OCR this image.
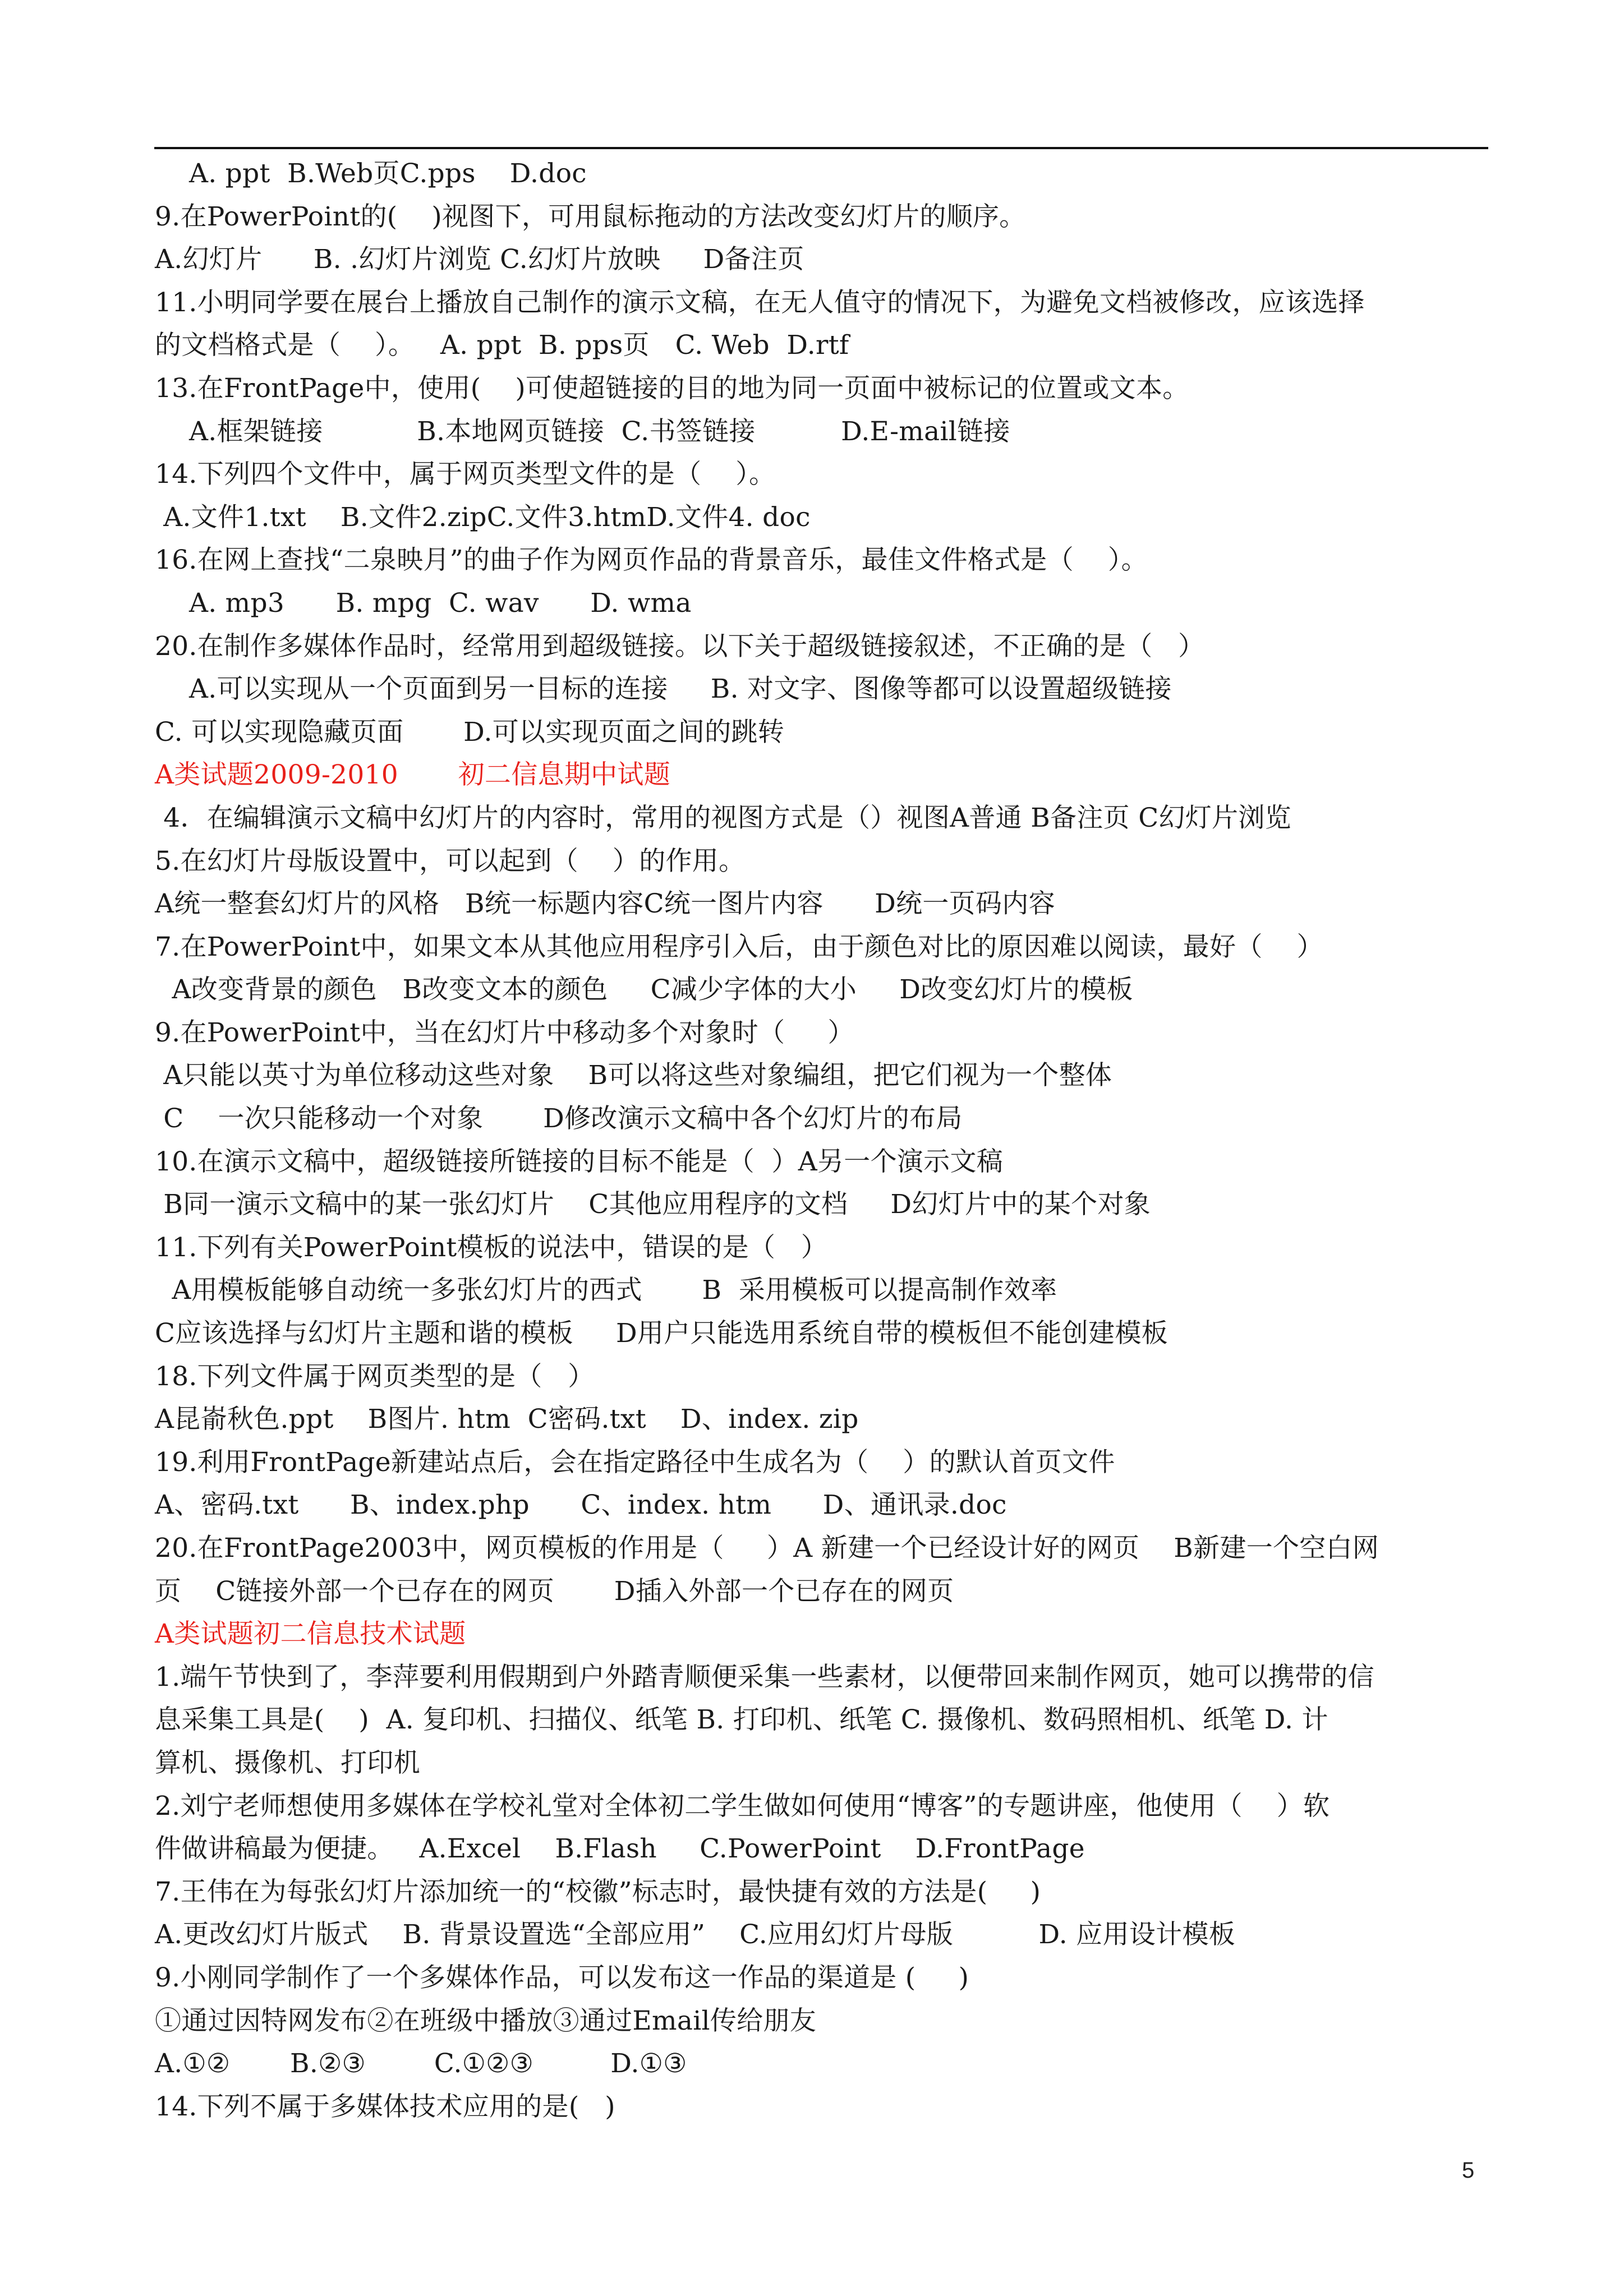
A. ppt  B.Web页C.pps    D.doc
9.在PowerPoint的(    )视图下，可用鼠标拖动的方法改变幻灯片的顺序。
A.幻灯片      B. .幻灯片浏览 C.幻灯片放映     D备注页
11.小明同学要在展台上播放自己制作的演示文稿，在无人值守的情况下，为避免文档被修改，应该选择
的文档格式是（    ）。   A. ppt  B. pps页   C. Web  D.rtf
13.在FrontPage中，使用(    )可使超链接的目的地为同一页面中被标记的位置或文本。
A.框架链接           B.本地网页链接  C.书签链接          D.E-mail链接
14.下列四个文件中，属于网页类型文件的是（    ）。
A.文件1.txt    B.文件2.zipC.文件3.htmD.文件4. doc
16.在网上查找“二泉映月”的曲子作为网页作品的背景音乐，最佳文件格式是（    ）。
A. mp3      B. mpg  C. wav      D. wma
20.在制作多媒体作品时，经常用到超级链接。以下关于超级链接叙述，不正确的是（   ）
A.可以实现从一个页面到另一目标的连接     B. 对文字、图像等都可以设置超级链接
C. 可以实现隐藏页面       D.可以实现页面之间的跳转
A类试题2009-2010       初二信息期中试题
4．在编辑演示文稿中幻灯片的内容时，常用的视图方式是（）视图A普通 B备注页 C幻灯片浏览
5.在幻灯片母版设置中，可以起到（    ）的作用。
A统一整套幻灯片的风格   B统一标题内容C统一图片内容      D统一页码内容
7.在PowerPoint中，如果文本从其他应用程序引入后，由于颜色对比的原因难以阅读，最好（    ）
A改变背景的颜色   B改变文本的颜色     C减少字体的大小     D改变幻灯片的模板
9.在PowerPoint中，当在幻灯片中移动多个对象时（     ）
A只能以英寸为单位移动这些对象    B可以将这些对象编组，把它们视为一个整体
C    一次只能移动一个对象       D修改演示文稿中各个幻灯片的布局
10.在演示文稿中，超级链接所链接的目标不能是（  ）A另一个演示文稿
B同一演示文稿中的某一张幻灯片    C其他应用程序的文档     D幻灯片中的某个对象
11.下列有关PowerPoint模板的说法中，错误的是（   ）
A用模板能够自动统一多张幻灯片的西式       B  采用模板可以提高制作效率
C应该选择与幻灯片主题和谐的模板     D用户只能选用系统自带的模板但不能创建模板
18.下列文件属于网页类型的是（   ）
A昆嵛秋色.ppt    B图片. htm  C密码.txt    D、index. zip
19.利用FrontPage新建站点后，会在指定路径中生成名为（    ）的默认首页文件
A、密码.txt      B、index.php      C、index. htm      D、通讯录.doc
20.在FrontPage2003中，网页模板的作用是（     ）A 新建一个已经设计好的网页    B新建一个空白网
页    C链接外部一个已存在的网页       D插入外部一个已存在的网页
A类试题初二信息技术试题
1.端午节快到了，李萍要利用假期到户外踏青顺便采集一些素材，以便带回来制作网页，她可以携带的信
息采集工具是(    )  A. 复印机、扫描仪、纸笔 B. 打印机、纸笔 C. 摄像机、数码照相机、纸笔 D. 计
算机、摄像机、打印机
2.刘宁老师想使用多媒体在学校礼堂对全体初二学生做如何使用“博客”的专题讲座，他使用（    ）软
件做讲稿最为便捷。   A.Excel    B.Flash     C.PowerPoint    D.FrontPage
7.王伟在为每张幻灯片添加统一的“校徽”标志时，最快捷有效的方法是(     )
A.更改幻灯片版式    B. 背景设置选“全部应用”    C.应用幻灯片母版          D. 应用设计模板
9.小刚同学制作了一个多媒体作品，可以发布这一作品的渠道是 (     )
①通过因特网发布②在班级中播放③通过Email传给朋友
A.①②       B.②③        C.①②③         D.①③
14.下列不属于多媒体技术应用的是(   )
5
